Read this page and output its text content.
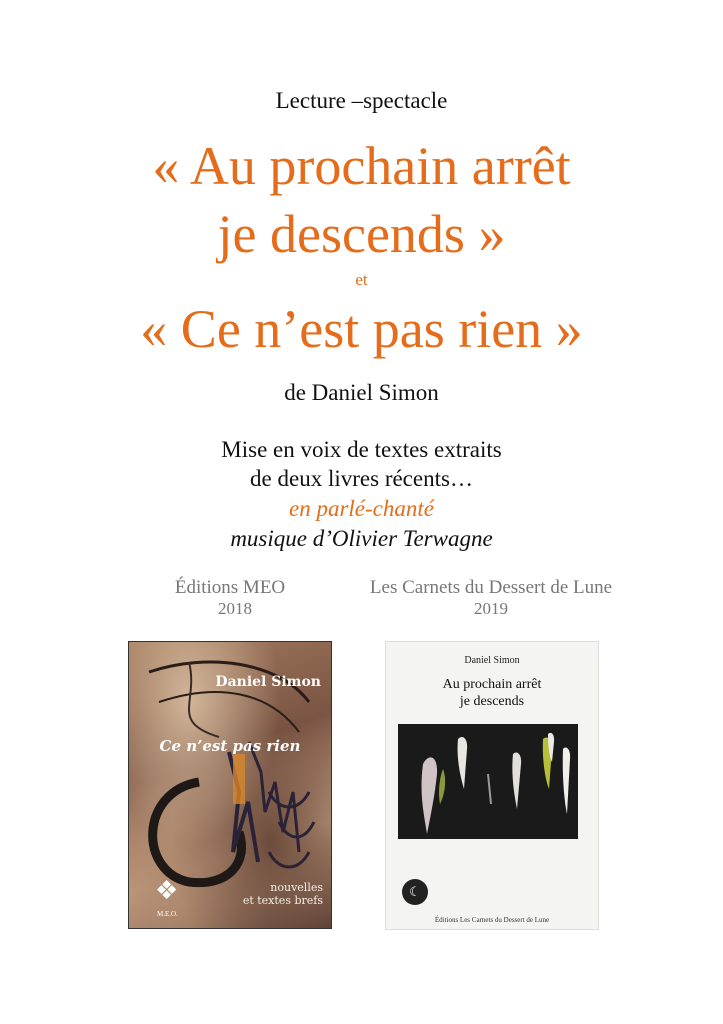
Lecture –spectacle
« Au prochain arrêt
je descends »
et
« Ce n’est pas rien »
de Daniel Simon
Mise en voix de textes extraits
de deux livres récents…
en parlé-chanté
musique d’Olivier Terwagne
Éditions MEO
2018
Les Carnets du Dessert de Lune
2019
Daniel Simon
Ce n’est pas rien
❖
M.E.O.
nouvelles
et textes brefs
Daniel Simon
Au prochain arrêt
je descends
☾
Éditions Les Carnets du Dessert de Lune
